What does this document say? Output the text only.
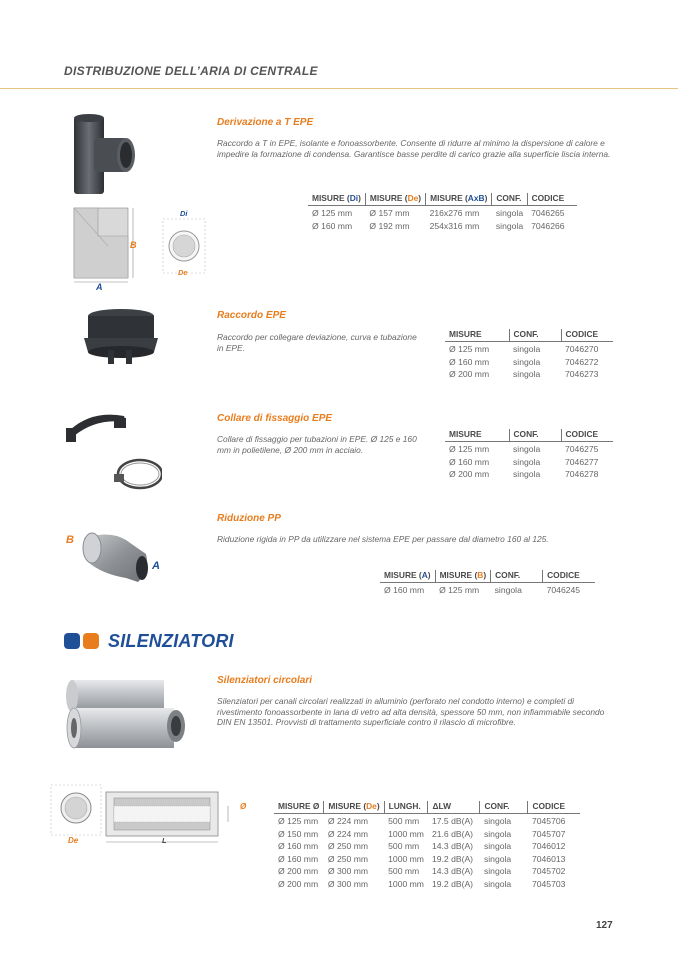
DISTRIBUZIONE DELL’ARIA DI CENTRALE
B
A
Di
De
Derivazione a T EPE
Raccordo a T in EPE, isolante e fonoassorbente. Consente di ridurre al minimo la dispersione di calore e impedire la formazione di condensa. Garantisce basse perdite di carico grazie alla superficie liscia interna.
MISURE (Di)	MISURE (De)	MISURE (AxB)	CONF.	CODICE
Ø 125 mm	Ø 157 mm	216x276 mm	singola	7046265
Ø 160 mm	Ø 192 mm	254x316 mm	singola	7046266
Raccordo EPE
Raccordo per collegare deviazione, curva e tubazione in EPE.
MISURE	CONF.	CODICE
Ø 125 mm	singola	7046270
Ø 160 mm	singola	7046272
Ø 200 mm	singola	7046273
Collare di fissaggio EPE
Collare di fissaggio per tubazioni in EPE. Ø 125 e 160 mm in polietilene, Ø 200 mm in acciaio.
MISURE	CONF.	CODICE
Ø 125 mm	singola	7046275
Ø 160 mm	singola	7046277
Ø 200 mm	singola	7046278
B
A
Riduzione PP
Riduzione rigida in PP da utilizzare nel sistema EPE per passare dal diametro 160 al 125.
MISURE (A)	MISURE (B)	CONF.	CODICE
Ø 160 mm	Ø 125 mm	singola	7046245
SILENZIATORI
Silenziatori circolari
Silenziatori per canali circolari realizzati in alluminio (perforato nel condotto interno) e completi di rivestimento fonoassorbente in lana di vetro ad alta densità, spessore 50 mm, non infiammabile secondo DIN EN 13501. Provvisti di trattamento superficiale contro il rilascio di microfibre.
De	L
Ø	MISURE Ø	MISURE (De)	LUNGH.	ΔLW	CONF.	CODICE
Ø 125 mm	Ø 224 mm	500 mm	17.5 dB(A)	singola	7045706
Ø 150 mm	Ø 224 mm	1000 mm	21.6 dB(A)	singola	7045707
Ø 160 mm	Ø 250 mm	500 mm	14.3 dB(A)	singola	7046012
Ø 160 mm	Ø 250 mm	1000 mm	19.2 dB(A)	singola	7046013
Ø 200 mm	Ø 300 mm	500 mm	14.3 dB(A)	singola	7045702
Ø 200 mm	Ø 300 mm	1000 mm	19.2 dB(A)	singola	7045703
127
